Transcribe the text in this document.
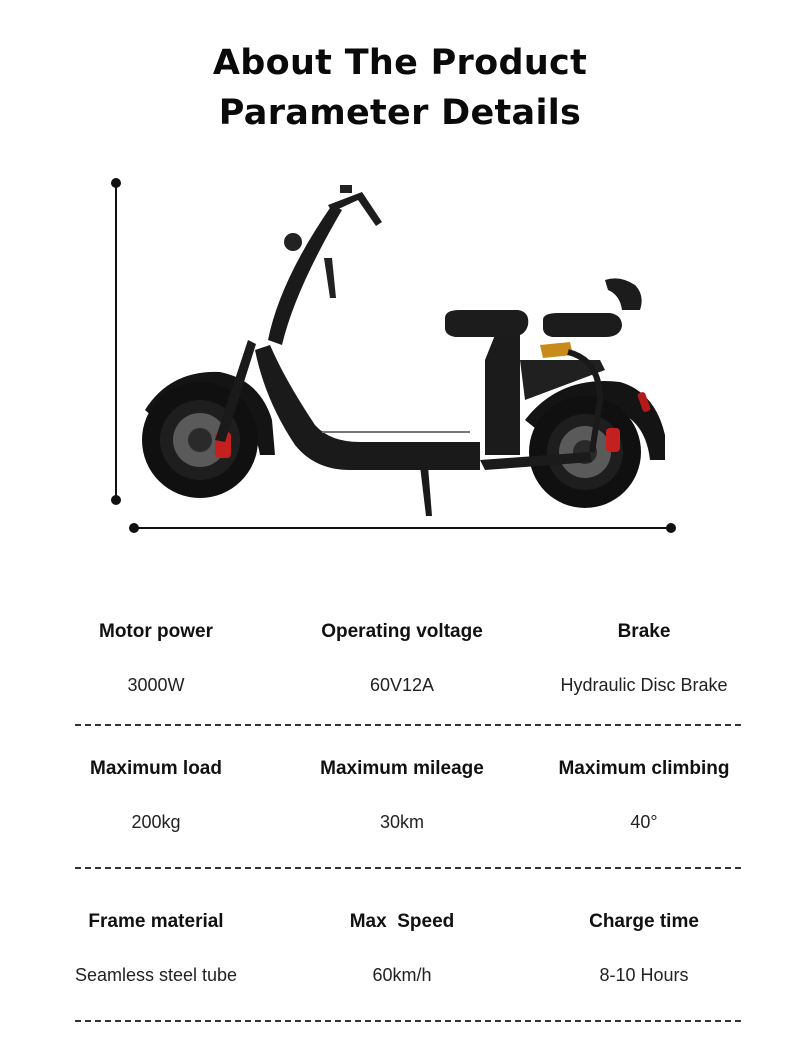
About The Product
Parameter Details
Motor power	Operating voltage	Brake
3000W	60V12A	Hydraulic Disc Brake
Maximum load	Maximum mileage	Maximum climbing
200kg	30km	40°
Frame material	Max  Speed	Charge time
Seamless steel tube	60km/h	8-10 Hours
